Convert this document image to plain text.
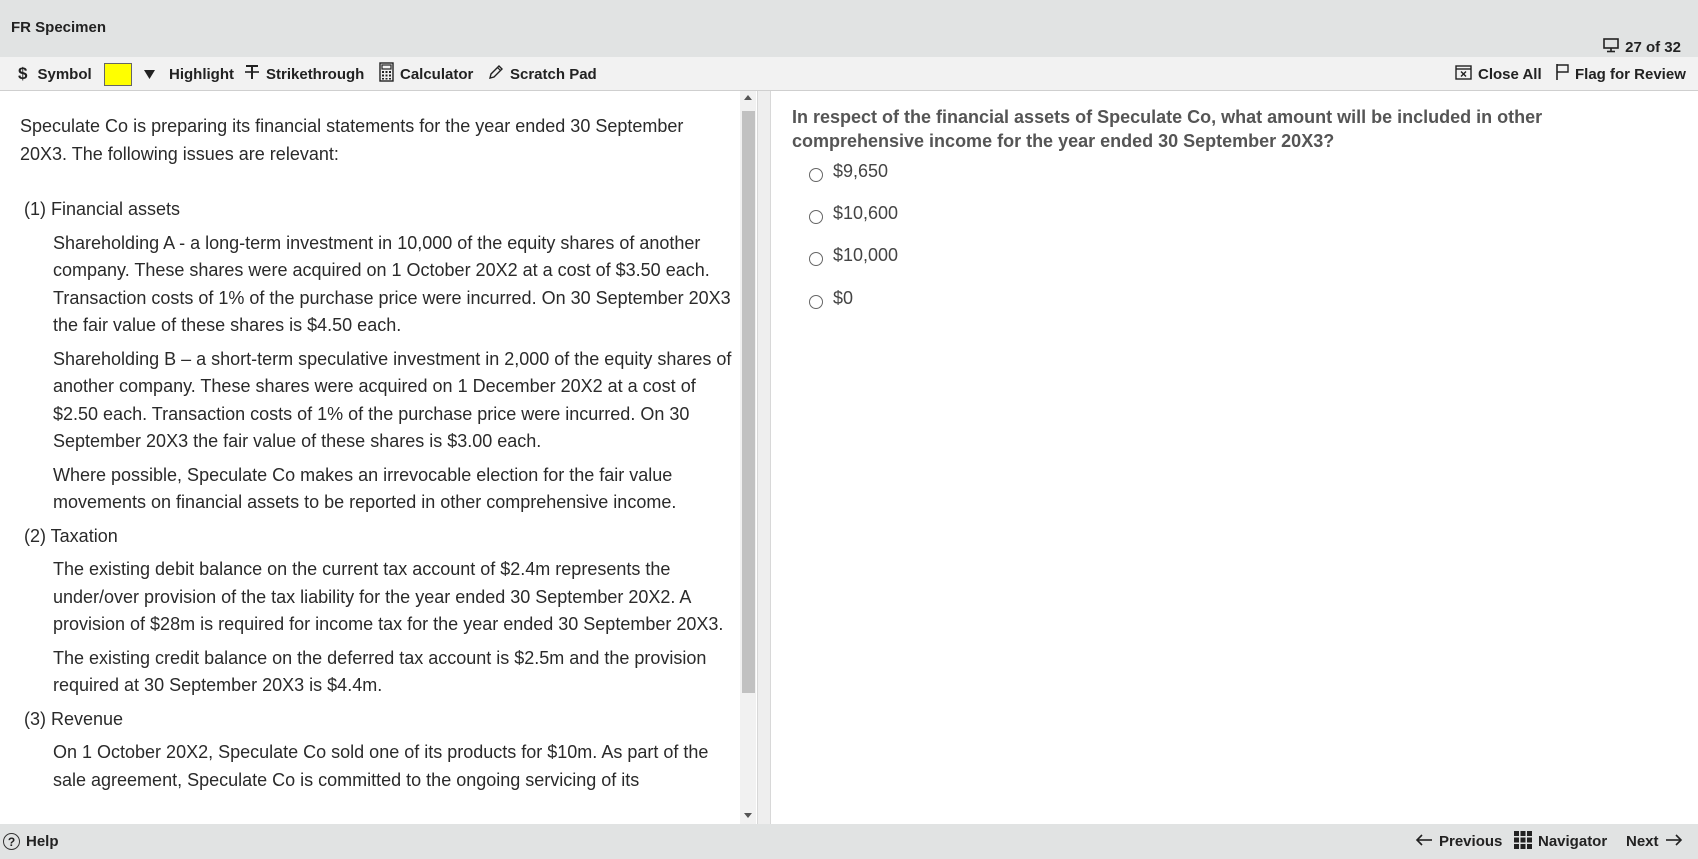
FR Specimen
27 of 32
$ Symbol	Highlight Strikethrough Calculator Scratch Pad	Close All Flag for Review
Speculate Co is preparing its financial statements for the year ended 30 September 20X3. The following issues are relevant:
(1) Financial assets
Shareholding A - a long-term investment in 10,000 of the equity shares of another company. These shares were acquired on 1 October 20X2 at a cost of $3.50 each. Transaction costs of 1% of the purchase price were incurred. On 30 September 20X3 the fair value of these shares is $4.50 each.
Shareholding B – a short-term speculative investment in 2,000 of the equity shares of another company. These shares were acquired on 1 December 20X2 at a cost of $2.50 each. Transaction costs of 1% of the purchase price were incurred. On 30 September 20X3 the fair value of these shares is $3.00 each.
Where possible, Speculate Co makes an irrevocable election for the fair value movements on financial assets to be reported in other comprehensive income.
(2) Taxation
The existing debit balance on the current tax account of $2.4m represents the under/over provision of the tax liability for the year ended 30 September 20X2. A provision of $28m is required for income tax for the year ended 30 September 20X3.
The existing credit balance on the deferred tax account is $2.5m and the provision required at 30 September 20X3 is $4.4m.
(3) Revenue
On 1 October 20X2, Speculate Co sold one of its products for $10m. As part of the sale agreement, Speculate Co is committed to the ongoing servicing of its
In respect of the financial assets of Speculate Co, what amount will be included in other comprehensive income for the year ended 30 September 20X3?
$9,650
$10,600
$10,000
$0
? Help	Previous Navigator Next
